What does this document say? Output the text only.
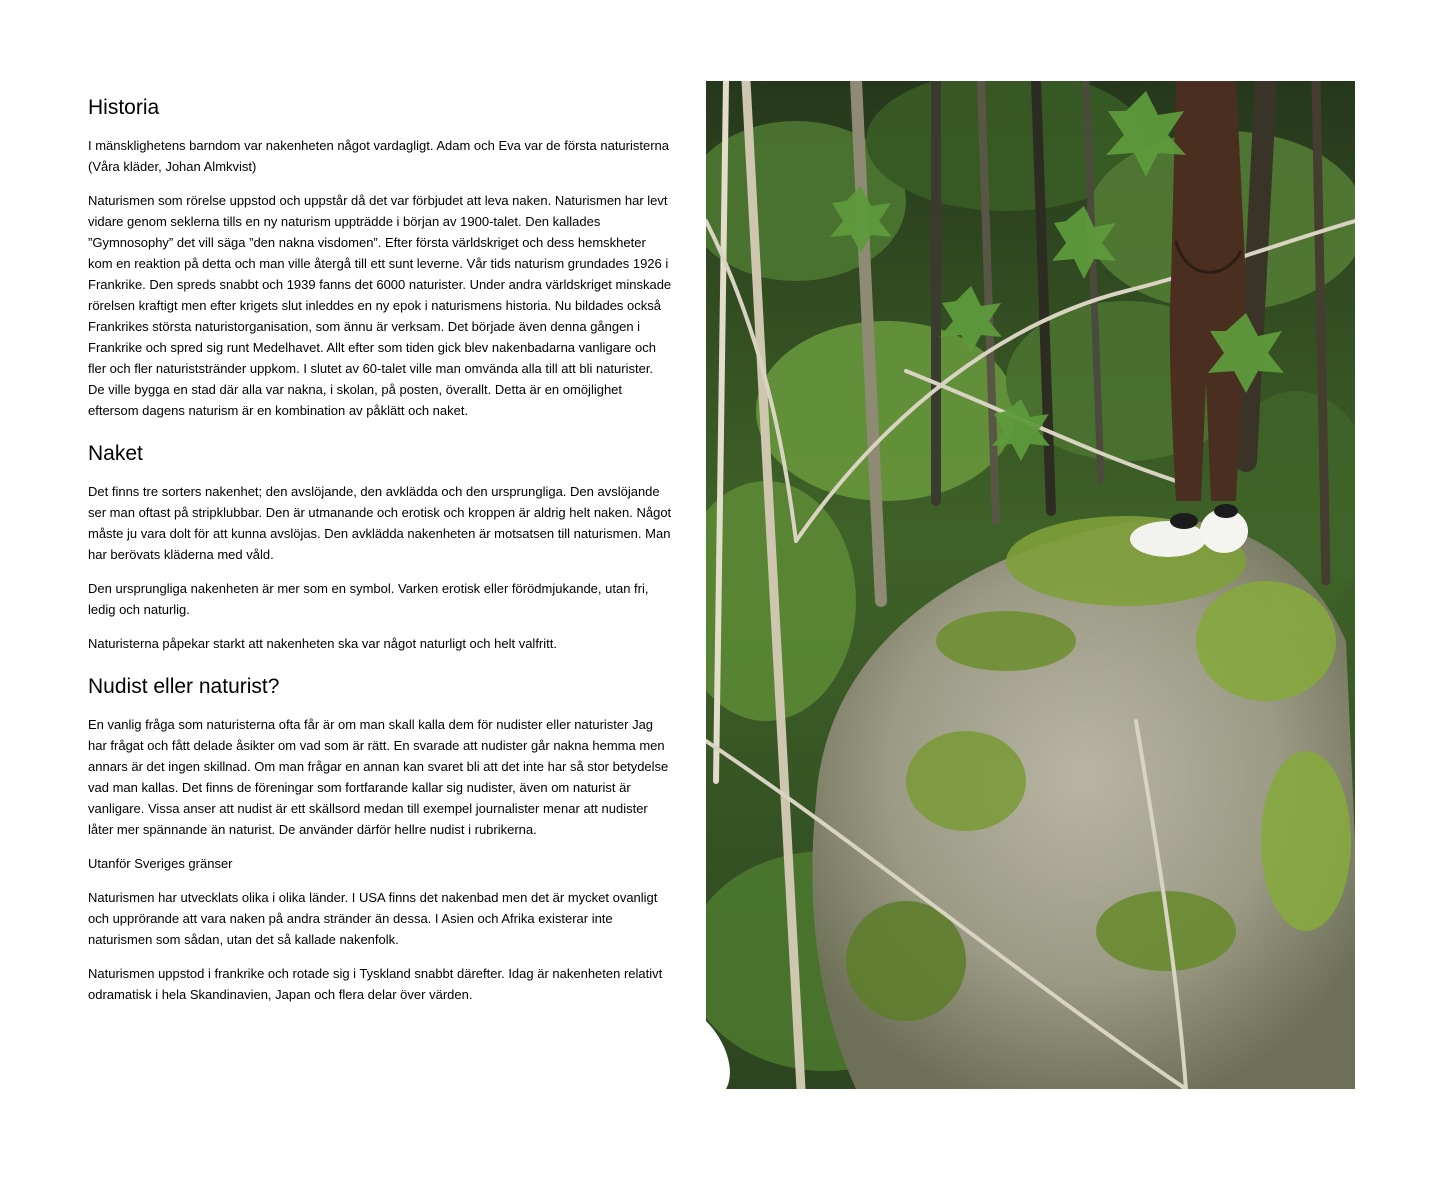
Historia

I mänsklighetens barndom var nakenheten något vardagligt. Adam och Eva var de första naturisterna (Våra kläder, Johan Almkvist)

Naturismen som rörelse uppstod och uppstår då det var förbjudet att leva naken. Naturismen har levt vidare genom seklerna tills en ny naturism uppträdde i början av 1900-talet. Den kallades ”Gymnosophy” det vill säga ”den nakna visdomen”. Efter första världskriget och dess hemskheter kom en reaktion på detta och man ville återgå till ett sunt leverne. Vår tids naturism grundades 1926 i Frankrike. Den spreds snabbt och 1939 fanns det 6000 naturister. Under andra världskriget minskade rörelsen kraftigt men efter krigets slut inleddes en ny epok i naturismens historia. Nu bildades också Frankrikes största naturistorganisation, som ännu är verksam. Det började även denna gången i Frankrike och spred sig runt Medelhavet. Allt efter som tiden gick blev nakenbadarna vanligare och fler och fler naturiststränder uppkom. I slutet av 60-talet ville man omvända alla till att bli naturister. De ville bygga en stad där alla var nakna, i skolan, på posten, överallt. Detta är en omöjlighet eftersom dagens naturism är en kombination av påklätt och naket.

Naket

Det finns tre sorters nakenhet; den avslöjande, den avklädda och den ursprungliga. Den avslöjande ser man oftast på stripklubbar. Den är utmanande och erotisk och kroppen är aldrig helt naken. Något måste ju vara dolt för att kunna avslöjas. Den avklädda nakenheten är motsatsen till naturismen. Man har berövats kläderna med våld.

Den ursprungliga nakenheten är mer som en symbol. Varken erotisk eller förödmjukande, utan fri, ledig och naturlig.

Naturisterna påpekar starkt att nakenheten ska var något naturligt och helt valfritt.

Nudist eller naturist?

En vanlig fråga som naturisterna ofta får är om man skall kalla dem för nudister eller naturister Jag har frågat och fått delade åsikter om vad som är rätt. En svarade att nudister går nakna hemma men annars är det ingen skillnad. Om man frågar en annan kan svaret bli att det inte har så stor betydelse vad man kallas. Det finns de föreningar som fortfarande kallar sig nudister, även om naturist är vanligare. Vissa anser att nudist är ett skällsord medan till exempel journalister menar att nudister låter mer spännande än naturist. De använder därför hellre nudist i rubrikerna.

Utanför Sveriges gränser

Naturismen har utvecklats olika i olika länder. I USA finns det nakenbad men det är mycket ovanligt och upprörande att vara naken på andra stränder än dessa. I Asien och Afrika existerar inte naturismen som sådan, utan det så kallade nakenfolk.

Naturismen uppstod i frankrike och rotade sig i Tyskland snabbt därefter. Idag är nakenheten relativt odramatisk i hela Skandinavien, Japan och flera delar över värden.
